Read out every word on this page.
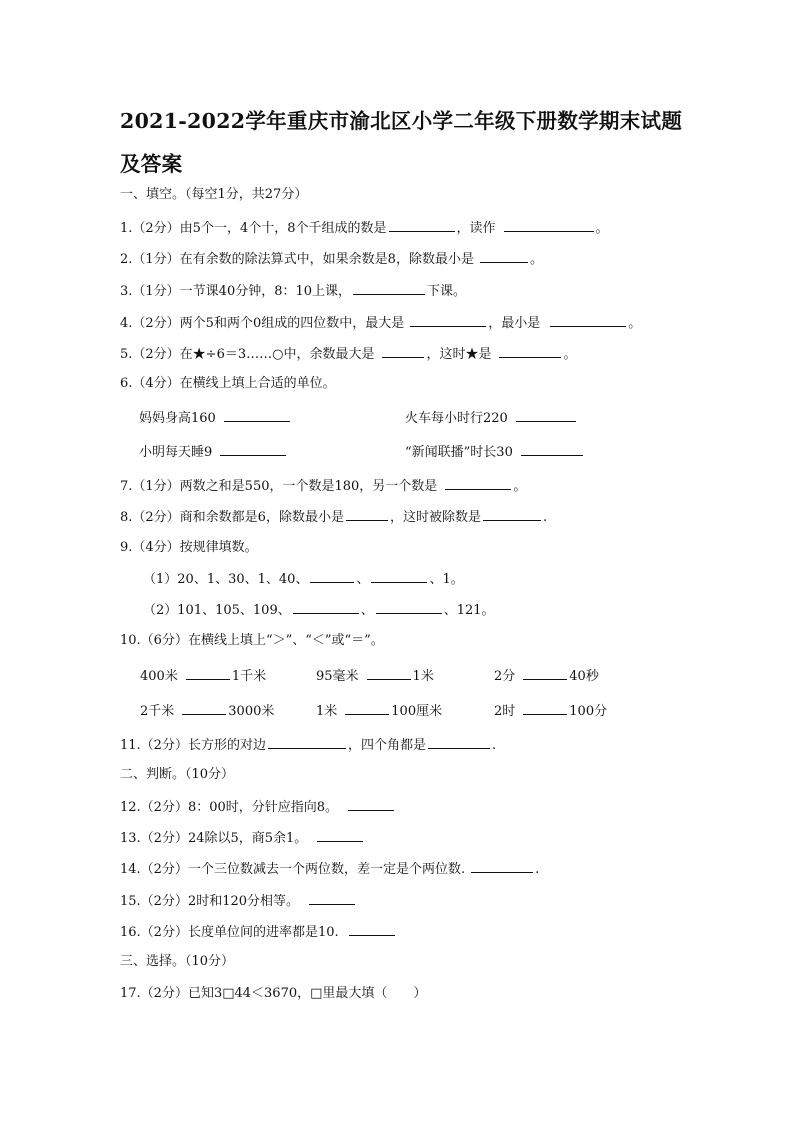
2021-2022学年重庆市渝北区小学二年级下册数学期末试题
及答案
一、填空。（每空1分，共27分）
1.（2分）由5个一，4个十，8个千组成的数是	，读作	。
2.（1分）在有余数的除法算式中，如果余数是8，除数最小是	。
3.（1分）一节课40分钟，8：10上课，	下课。
4.（2分）两个5和两个0组成的四位数中，最大是	，最小是	。
5.（2分）在★÷6＝3……○中，余数最大是	，这时★是	。
6.（4分）在横线上填上合适的单位。
妈妈身高160	火车每小时行220
小明每天睡9	“新闻联播”时长30
7.（1分）两数之和是550，一个数是180，另一个数是	。
8.（2分）商和余数都是6，除数最小是	，这时被除数是	.
9.（4分）按规律填数。
（1）20、1、30、1、40、	、	、1。
（2）101、105、109、	、	、121。
10.（6分）在横线上填上“＞”、“＜”或“＝”。
400米	1千米	95毫米	1米	2分	40秒
2千米	3000米	1米	100厘米	2时	100分
11.（2分）长方形的对边	，四个角都是	.
二、判断。（10分）
12.（2分）8：00时，分针应指向8。
13.（2分）24除以5，商5余1。
14.（2分）一个三位数减去一个两位数，差一定是个两位数.	.
15.（2分）2时和120分相等。
16.（2分）长度单位间的进率都是10.
三、选择。（10分）
17.（2分）已知3□44＜3670，□里最大填（　　）
